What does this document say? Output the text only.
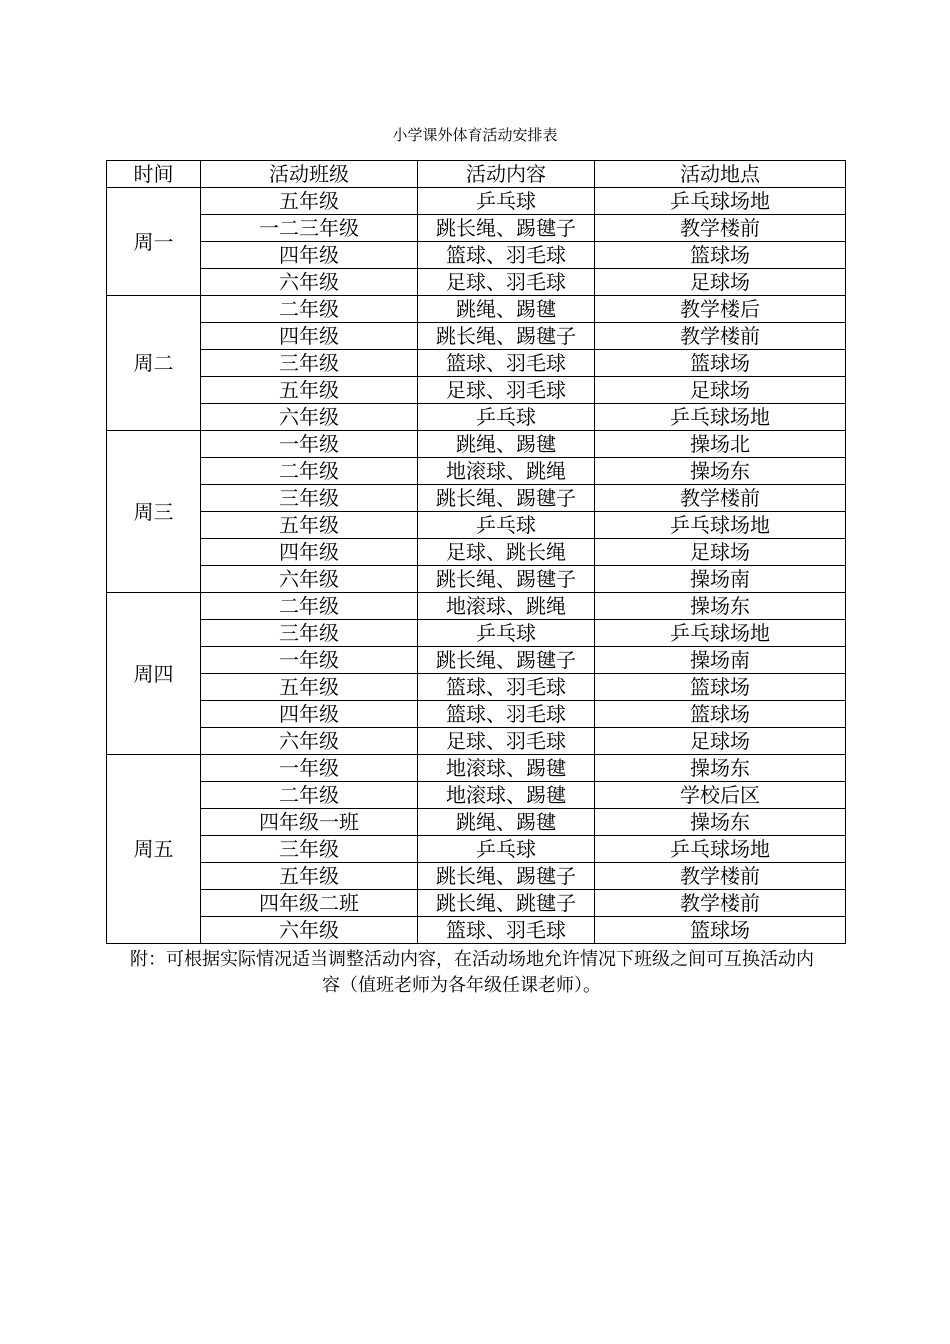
小学课外体育活动安排表
时间	活动班级	活动内容	活动地点
周一	五年级	乒乓球	乒乓球场地
	一二三年级	跳长绳、踢毽子	教学楼前
	四年级	篮球、羽毛球	篮球场
	六年级	足球、羽毛球	足球场
周二	二年级	跳绳、踢毽	教学楼后
	四年级	跳长绳、踢毽子	教学楼前
	三年级	篮球、羽毛球	篮球场
	五年级	足球、羽毛球	足球场
	六年级	乒乓球	乒乓球场地
周三	一年级	跳绳、踢毽	操场北
	二年级	地滚球、跳绳	操场东
	三年级	跳长绳、踢毽子	教学楼前
	五年级	乒乓球	乒乓球场地
	四年级	足球、跳长绳	足球场
	六年级	跳长绳、踢毽子	操场南
周四	二年级	地滚球、跳绳	操场东
	三年级	乒乓球	乒乓球场地
	一年级	跳长绳、踢毽子	操场南
	五年级	篮球、羽毛球	篮球场
	四年级	篮球、羽毛球	篮球场
	六年级	足球、羽毛球	足球场
周五	一年级	地滚球、踢毽	操场东
	二年级	地滚球、踢毽	学校后区
	四年级一班	跳绳、踢毽	操场东
	三年级	乒乓球	乒乓球场地
	五年级	跳长绳、踢毽子	教学楼前
	四年级二班	跳长绳、跳毽子	教学楼前
	六年级	篮球、羽毛球	篮球场
附：可根据实际情况适当调整活动内容，在活动场地允许情况下班级之间可互换活动内
容（值班老师为各年级任课老师）。
